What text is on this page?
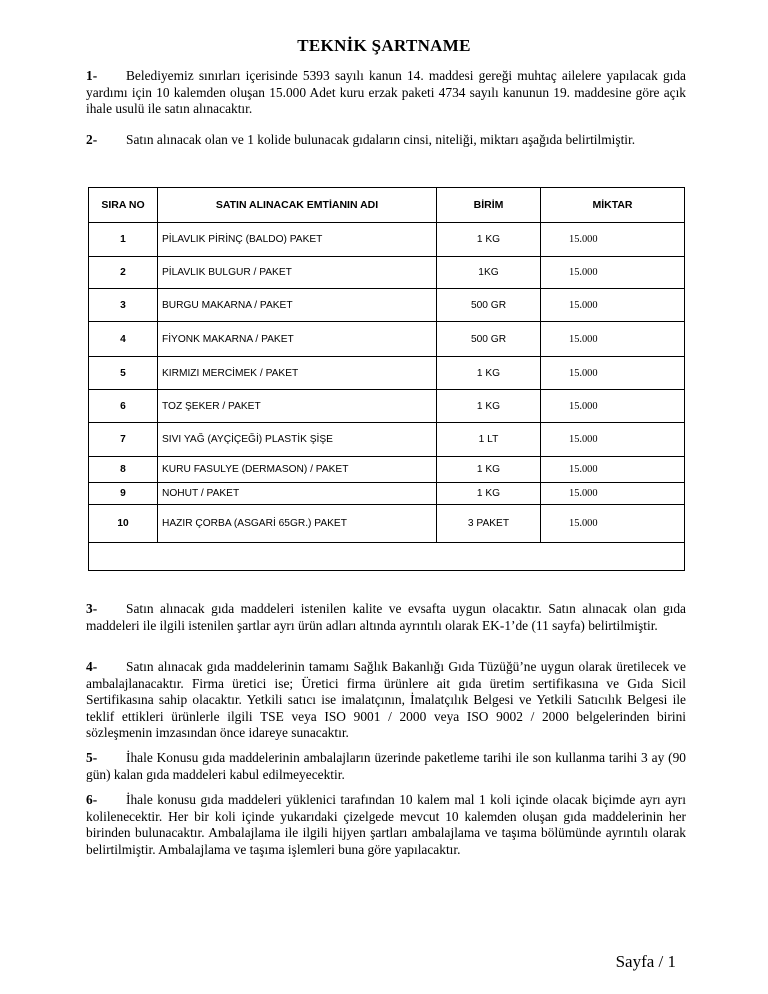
TEKNİK ŞARTNAME
1- Belediyemiz sınırları içerisinde 5393 sayılı kanun 14. maddesi gereği muhtaç ailelere yapılacak gıda yardımı için 10 kalemden oluşan 15.000 Adet kuru erzak paketi 4734 sayılı kanunun 19. maddesine göre açık ihale usulü ile satın alınacaktır.
2- Satın alınacak olan ve 1 kolide bulunacak gıdaların cinsi, niteliği, miktarı aşağıda belirtilmiştir.
SIRA NO	SATIN ALINACAK EMTİANIN ADI	BİRİM	MİKTAR
1	PİLAVLIK PİRİNÇ (BALDO) PAKET	1 KG	15.000
2	PİLAVLIK BULGUR / PAKET	1KG	15.000
3	BURGU MAKARNA / PAKET	500 GR	15.000
4	FİYONK MAKARNA / PAKET	500 GR	15.000
5	KIRMIZI MERCİMEK / PAKET	1 KG	15.000
6	TOZ ŞEKER / PAKET	1 KG	15.000
7	SIVI YAĞ (AYÇİÇEĞİ) PLASTİK ŞİŞE	1 LT	15.000
8	KURU FASULYE (DERMASON) / PAKET	1 KG	15.000
9	NOHUT / PAKET	1 KG	15.000
10	HAZIR ÇORBA (ASGARİ 65GR.) PAKET	3 PAKET	15.000

3- Satın alınacak gıda maddeleri istenilen kalite ve evsafta uygun olacaktır. Satın alınacak olan gıda maddeleri ile ilgili istenilen şartlar ayrı ürün adları altında ayrıntılı olarak EK-1’de (11 sayfa) belirtilmiştir.
4- Satın alınacak gıda maddelerinin tamamı Sağlık Bakanlığı Gıda Tüzüğü’ne uygun olarak üretilecek ve ambalajlanacaktır. Firma üretici ise; Üretici firma ürünlere ait gıda üretim sertifikasına ve Gıda Sicil Sertifikasına sahip olacaktır. Yetkili satıcı ise imalatçının, İmalatçılık Belgesi ve Yetkili Satıcılık Belgesi ile teklif ettikleri ürünlerle ilgili TSE veya ISO 9001 / 2000 veya ISO 9002 / 2000 belgelerinden birini sözleşmenin imzasından önce idareye sunacaktır.
5- İhale Konusu gıda maddelerinin ambalajların üzerinde paketleme tarihi ile son kullanma tarihi 3 ay (90 gün) kalan gıda maddeleri kabul edilmeyecektir.
6- İhale konusu gıda maddeleri yüklenici tarafından 10 kalem mal 1 koli içinde olacak biçimde ayrı ayrı kolilenecektir. Her bir koli içinde yukarıdaki çizelgede mevcut 10 kalemden oluşan gıda maddelerinin her birinden bulunacaktır. Ambalajlama ile ilgili hijyen şartları ambalajlama ve taşıma bölümünde ayrıntılı olarak belirtilmiştir. Ambalajlama ve taşıma işlemleri buna göre yapılacaktır.
Sayfa / 1
